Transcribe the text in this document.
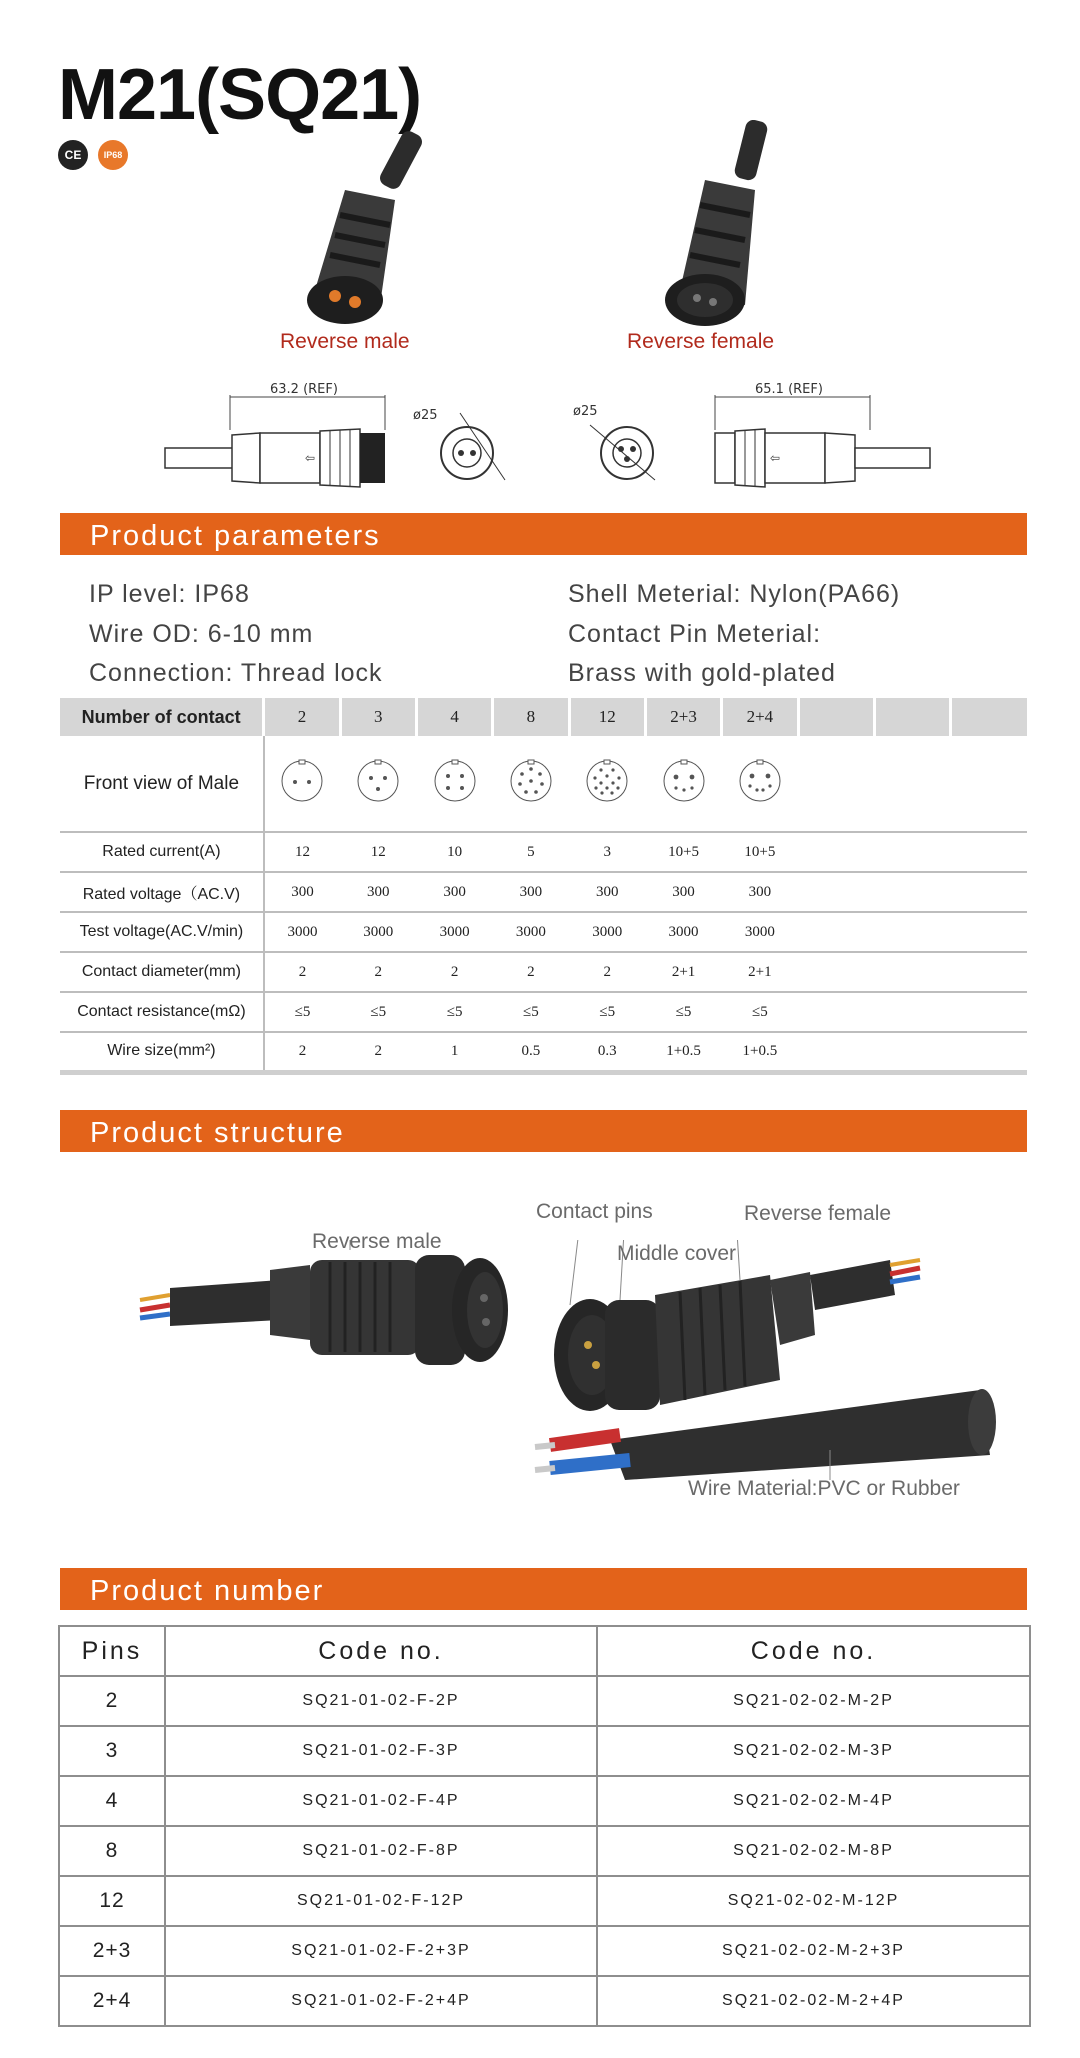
M21(SQ21)
CE	IP68
Reverse male	Reverse female
⇦
63.2 (REF)
ø25
⇦
ø25
65.1 (REF)
Product parameters
IP level: IP68
Wire OD: 6-10 mm
Connection: Thread lock
Shell Meterial: Nylon(PA66)
Contact Pin Meterial:
Brass with gold-plated
Number of contact	2	3	4	8	12	2+3	2+4			
Front view of Male										
Rated current(A)	12	12	10	5	3	10+5	10+5			
Rated voltage（AC.V)	300	300	300	300	300	300	300			
Test voltage(AC.V/min)	3000	3000	3000	3000	3000	3000	3000			
Contact diameter(mm)	2	2	2	2	2	2+1	2+1			
Contact resistance(mΩ)	≤5	≤5	≤5	≤5	≤5	≤5	≤5			
Wire size(mm²)	2	2	1	0.5	0.3	1+0.5	1+0.5			
Product structure
Reverse male
Contact pins
Middle cover
Reverse female
Wire Material:PVC or Rubber
Product number
Pins	Code no.	Code no.
2	SQ21-01-02-F-2P	SQ21-02-02-M-2P
3	SQ21-01-02-F-3P	SQ21-02-02-M-3P
4	SQ21-01-02-F-4P	SQ21-02-02-M-4P
8	SQ21-01-02-F-8P	SQ21-02-02-M-8P
12	SQ21-01-02-F-12P	SQ21-02-02-M-12P
2+3	SQ21-01-02-F-2+3P	SQ21-02-02-M-2+3P
2+4	SQ21-01-02-F-2+4P	SQ21-02-02-M-2+4P
